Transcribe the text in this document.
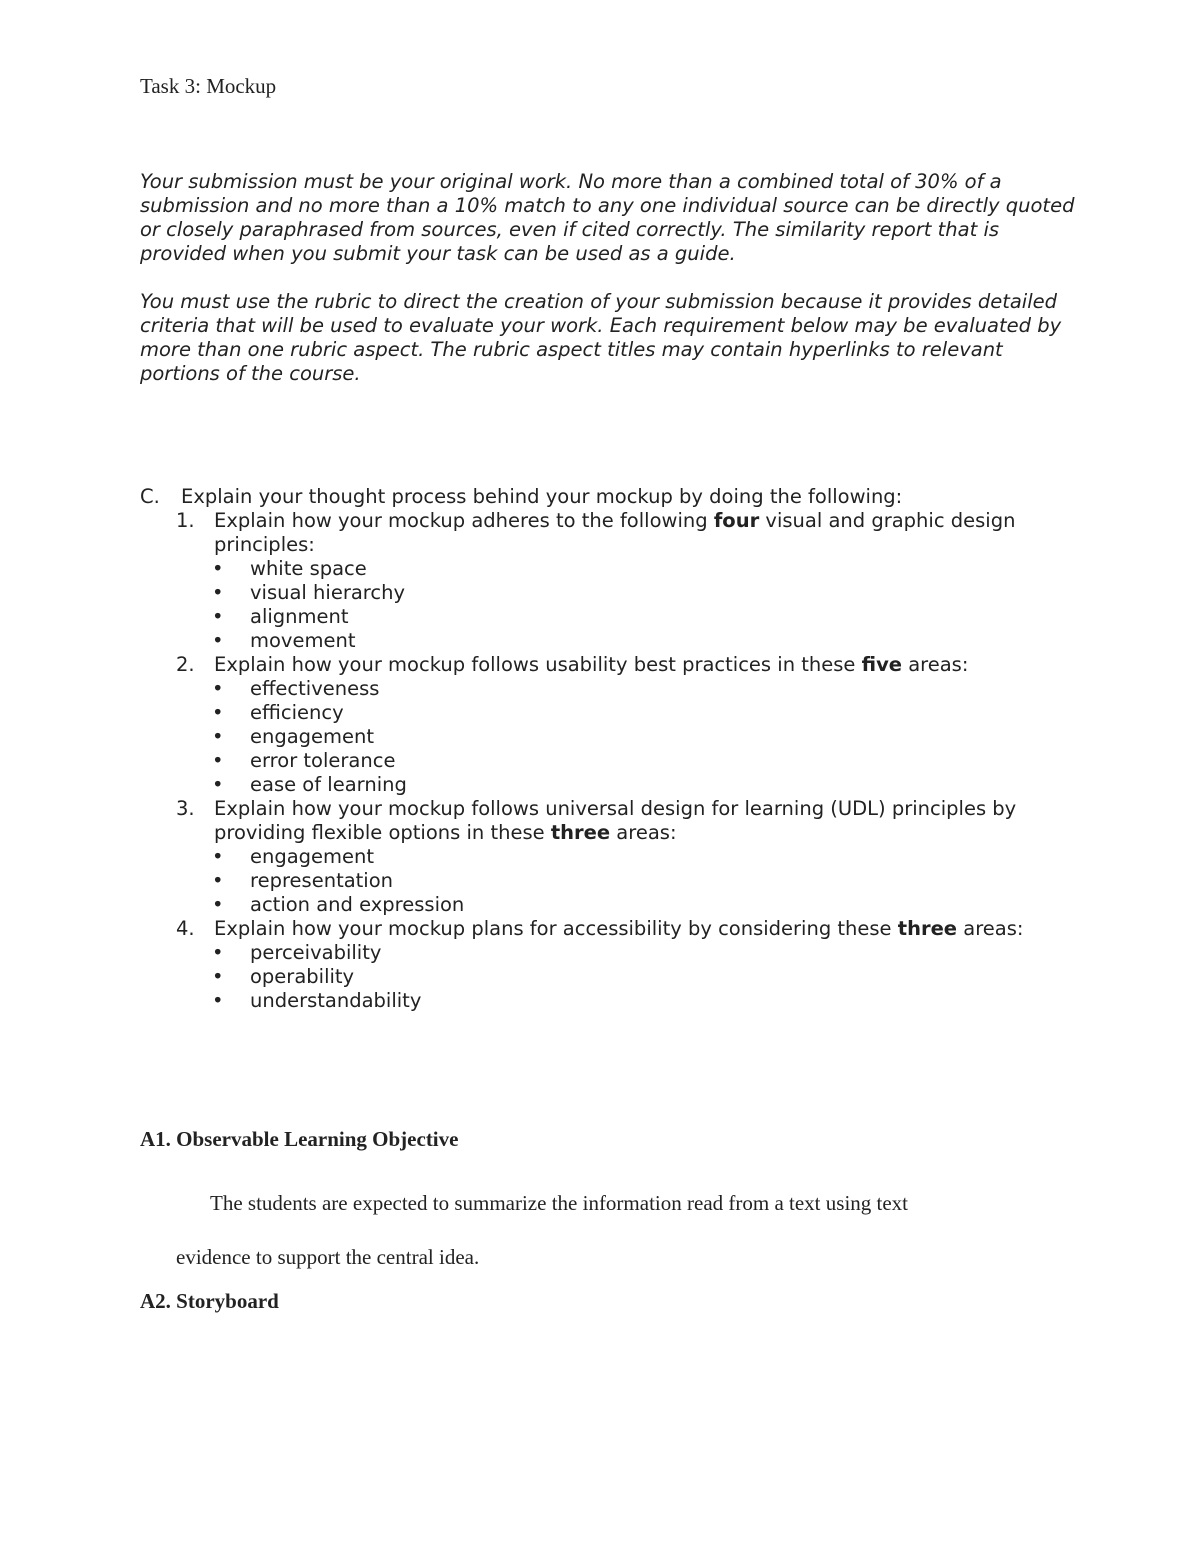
Task 3: Mockup

Your submission must be your original work. No more than a combined total of 30% of a submission and no more than a 10% match to any one individual source can be directly quoted or closely paraphrased from sources, even if cited correctly. The similarity report that is provided when you submit your task can be used as a guide.

You must use the rubric to direct the creation of your submission because it provides detailed criteria that will be used to evaluate your work. Each requirement below may be evaluated by more than one rubric aspect. The rubric aspect titles may contain hyperlinks to relevant portions of the course.

C.	Explain your thought process behind your mockup by doing the following:
1. Explain how your mockup adheres to the following four visual and graphic design principles:
•	white space
•	visual hierarchy
•	alignment
•	movement
2. Explain how your mockup follows usability best practices in these five areas:
•	effectiveness
•	efficiency
•	engagement
•	error tolerance
•	ease of learning
3. Explain how your mockup follows universal design for learning (UDL) principles by providing flexible options in these three areas:
•	engagement
•	representation
•	action and expression
4. Explain how your mockup plans for accessibility by considering these three areas:
•	perceivability
•	operability
•	understandability
A1. Observable Learning Objective

The students are expected to summarize the information read from a text using text
evidence to support the central idea.

A2. Storyboard
